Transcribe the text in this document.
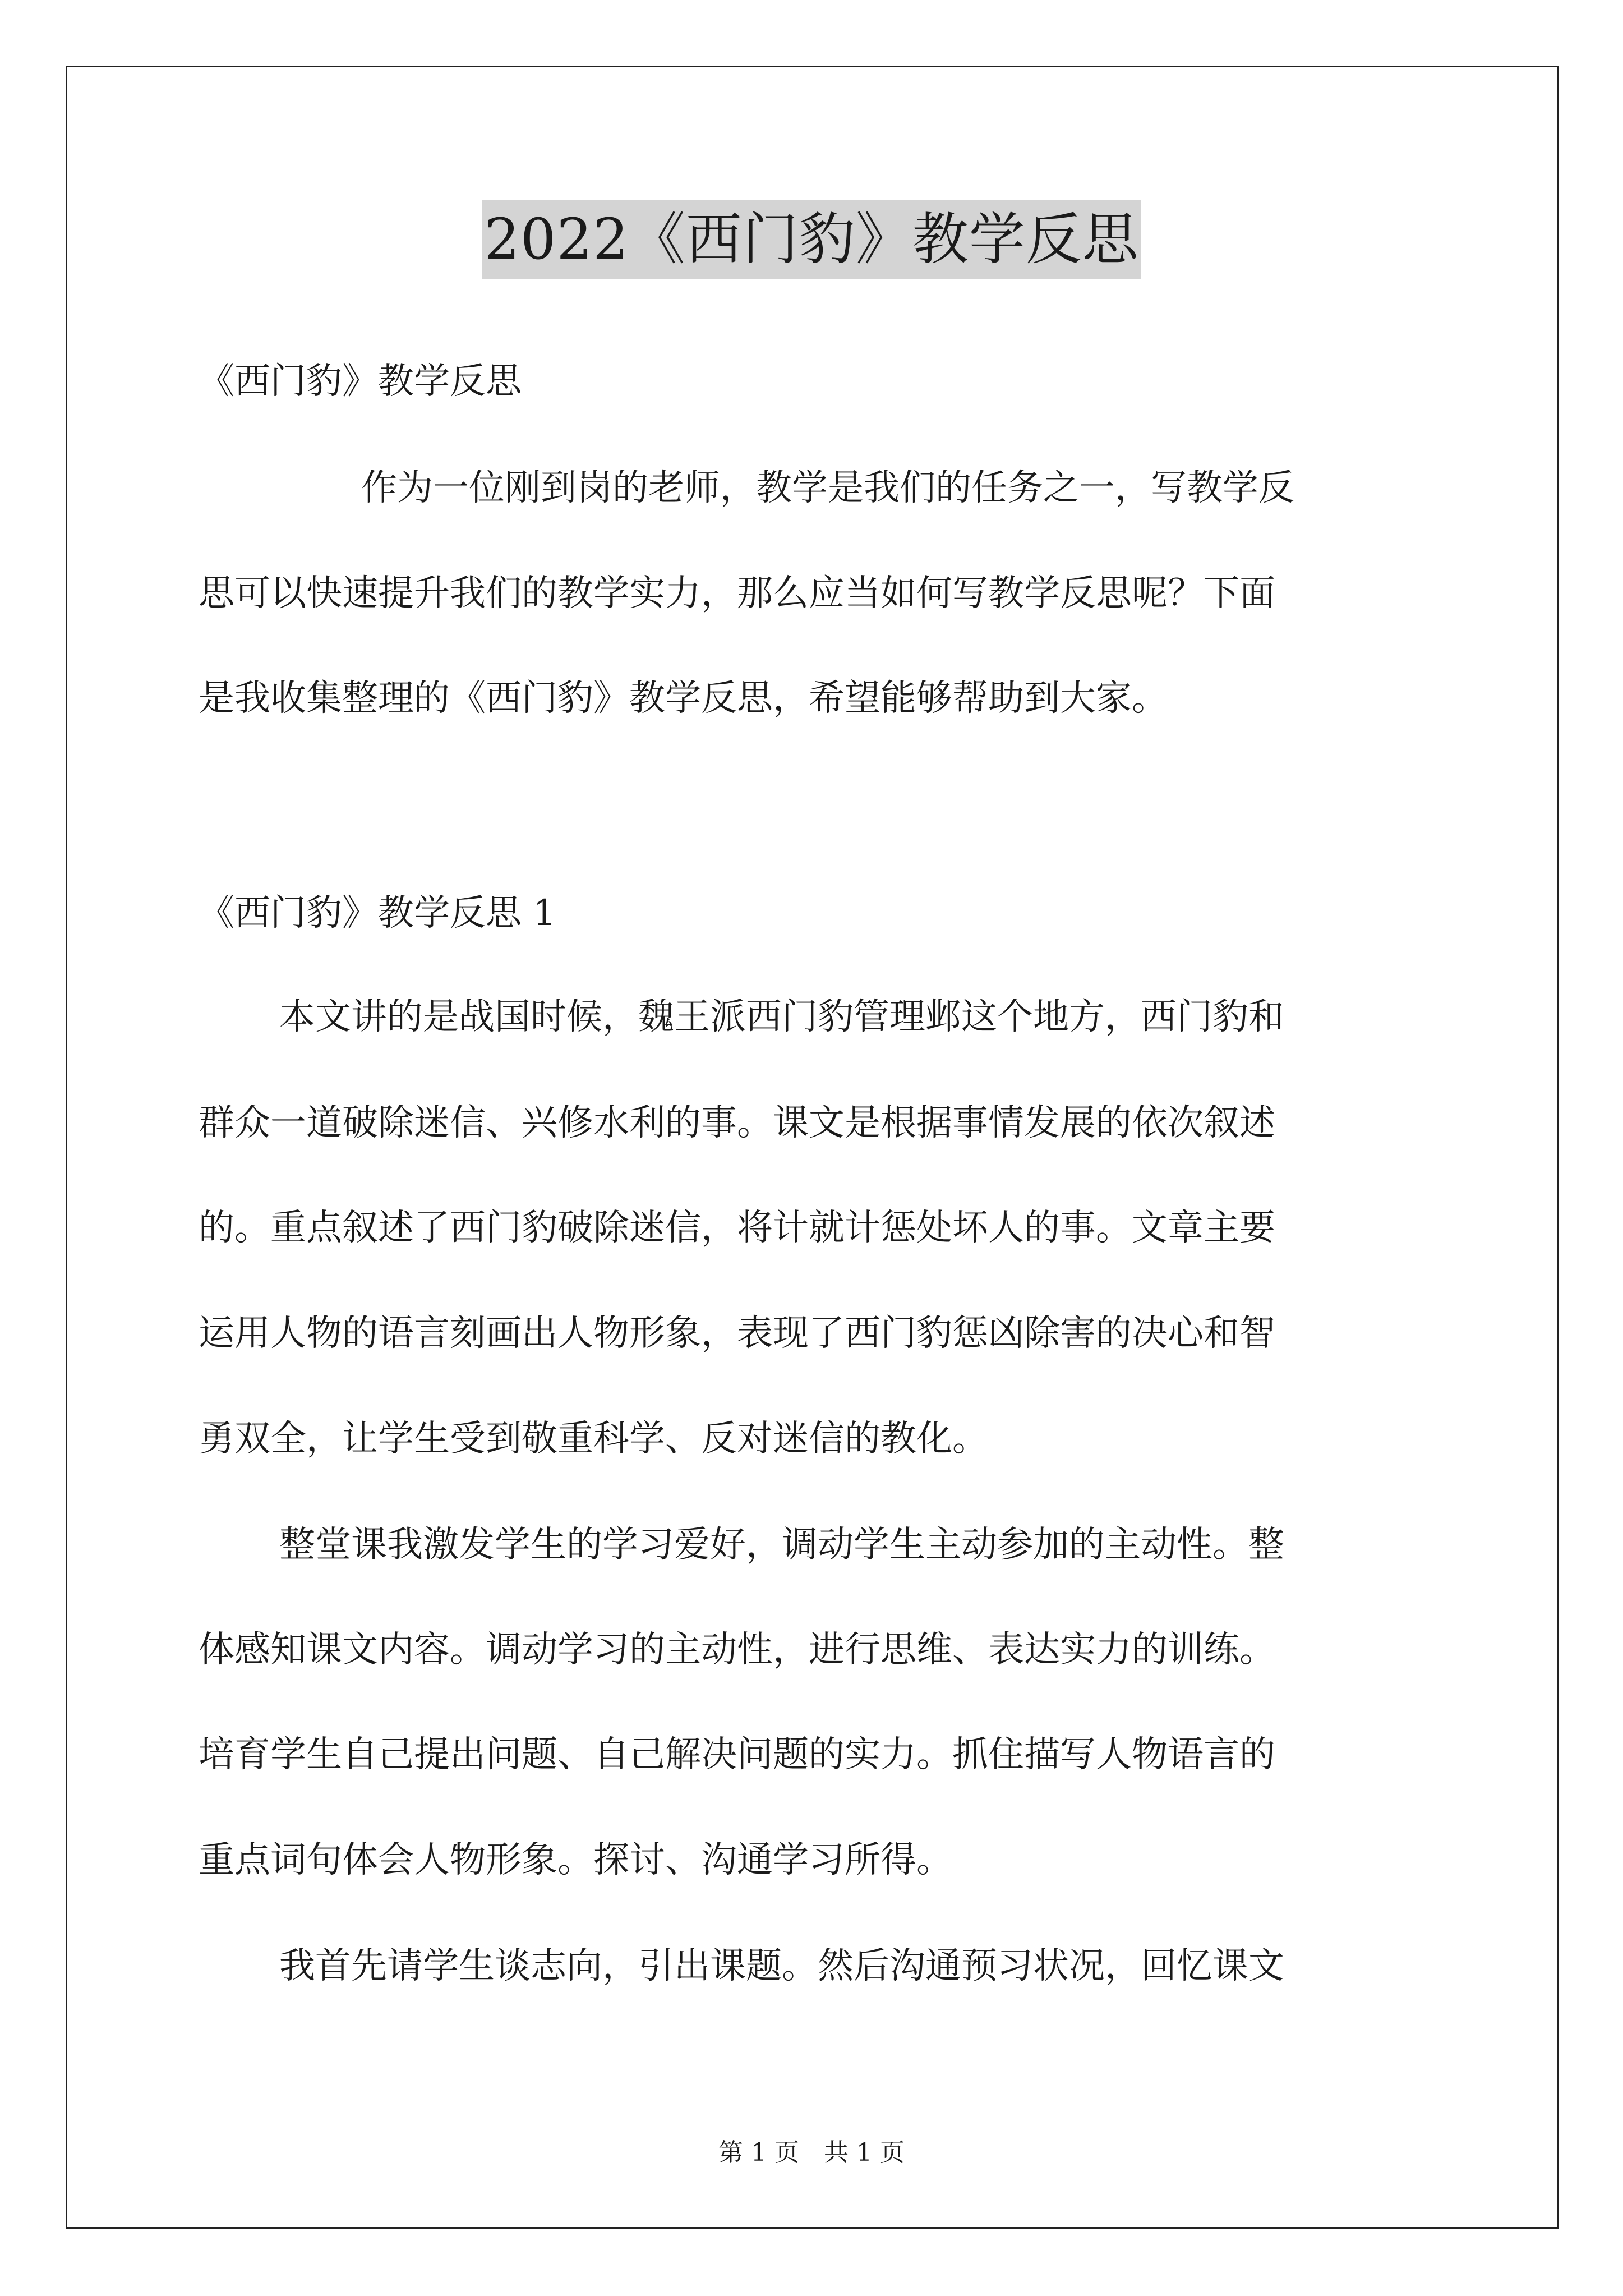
2022《西门豹》教学反思
《西门豹》教学反思
作为一位刚到岗的老师，教学是我们的任务之一，写教学反
思可以快速提升我们的教学实力，那么应当如何写教学反思呢？下面
是我收集整理的《西门豹》教学反思，希望能够帮助到大家。
《西门豹》教学反思 1
本文讲的是战国时候，魏王派西门豹管理邺这个地方，西门豹和
群众一道破除迷信、兴修水利的事。课文是根据事情发展的依次叙述
的。重点叙述了西门豹破除迷信，将计就计惩处坏人的事。文章主要
运用人物的语言刻画出人物形象，表现了西门豹惩凶除害的决心和智
勇双全，让学生受到敬重科学、反对迷信的教化。
整堂课我激发学生的学习爱好，调动学生主动参加的主动性。整
体感知课文内容。调动学习的主动性，进行思维、表达实力的训练。
培育学生自己提出问题、自己解决问题的实力。抓住描写人物语言的
重点词句体会人物形象。探讨、沟通学习所得。
我首先请学生谈志向，引出课题。然后沟通预习状况，回忆课文
第 1 页　共 1 页
